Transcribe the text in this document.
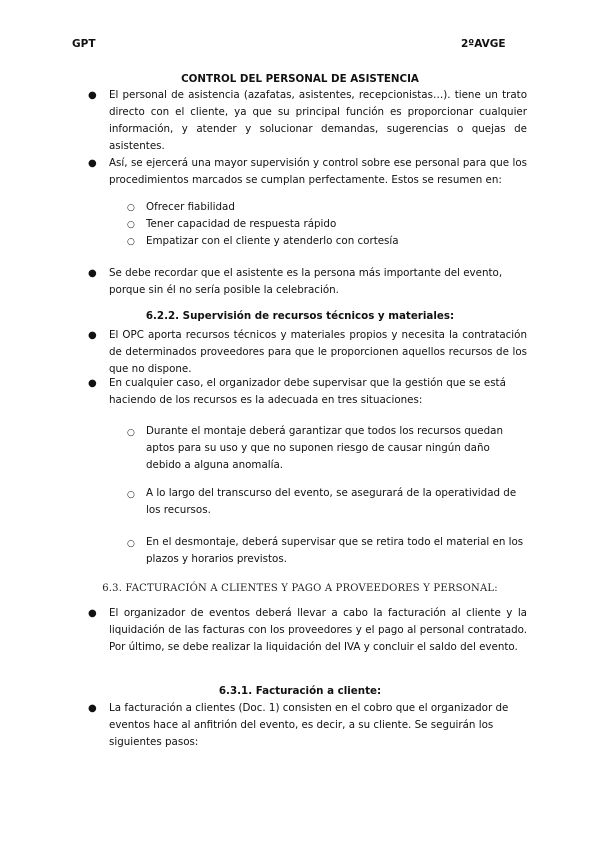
GPT	2ºAVGE
CONTROL DEL PERSONAL DE ASISTENCIA
● El personal de asistencia (azafatas, asistentes, recepcionistas…). tiene un trato directo con el cliente, ya que su principal función es proporcionar cualquier información, y atender y solucionar demandas, sugerencias o quejas de asistentes.

● Así, se ejercerá una mayor supervisión y control sobre ese personal para que los procedimientos marcados se cumplan perfectamente. Estos se resumen en:

○ Ofrecer fiabilidad

○ Tener capacidad de respuesta rápido

○ Empatizar con el cliente y atenderlo con cortesía

● Se debe recordar que el asistente es la persona más importante del evento, porque sin él no sería posible la celebración.

6.2.2. Supervisión de recursos técnicos y materiales:
● El OPC aporta recursos técnicos y materiales propios y necesita la contratación de determinados proveedores para que le proporcionen aquellos recursos de los que no dispone.

● En cualquier caso, el organizador debe supervisar que la gestión que se está haciendo de los recursos es la adecuada en tres situaciones:

○ Durante el montaje deberá garantizar que todos los recursos quedan aptos para su uso y que no suponen riesgo de causar ningún daño debido a alguna anomalía.

○ A lo largo del transcurso del evento, se asegurará de la operatividad de los recursos.

○ En el desmontaje, deberá supervisar que se retira todo el material en los plazos y horarios previstos.

6.3. FACTURACIÓN A CLIENTES Y PAGO A PROVEEDORES Y PERSONAL:
● El organizador de eventos deberá llevar a cabo la facturación al cliente y la liquidación de las facturas con los proveedores y el pago al personal contratado. Por último, se debe realizar la liquidación del IVA y concluir el saldo del evento.

6.3.1. Facturación a cliente:
● La facturación a clientes (Doc. 1) consisten en el cobro que el organizador de eventos hace al anfitrión del evento, es decir, a su cliente. Se seguirán los siguientes pasos:
